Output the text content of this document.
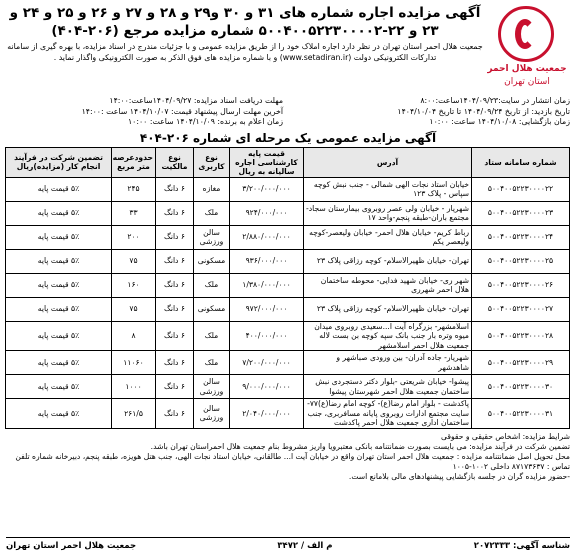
جمعیت هلال احمر
استان تهران

آگهی مزایده اجاره شماره های ۳۱ و ۳۰ و۲۹ و ۲۸ و ۲۷ و ۲۶ و ۲۵ و ۲۴ و

۲۳ و ۲۲-۵۰۰۴۰۰۵۲۲۳۰۰۰۰۲ شماره مزایده مرجع (۲۰۶-۴۰۴)

جمعیت هلال احمر استان تهران در نظر دارد اجاره املاک خود را از طریق مزایده عمومی و با جزئیات مندرج در اسناد مزایده، با بهره گیری از سامانه تدارکات الکترونیکی دولت (www.setadiran.ir) و با شماره مزایده های فوق الذکر به صورت الکترونیکی واگذار نماید .
زمان انتشار در سایت:۱۴۰۴/۰۹/۲۳ساعت:۸:۰۰
تاریخ بازدید: از تاریخ ۱۴۰۴/۰۹/۲۴ تا تاریخ ۱۴۰۴/۱۰/۰۴
زمان بازگشایی: ۱۴۰۴/۱۰/۰۸ ساعت: ۱۰:۰۰
مهلت دریافت اسناد مزایده: ۱۴۰۴/۰۹/۲۷ساعت:۱۴:۰۰
آخرین مهلت ارسال پیشنهاد قیمت: ۱۴۰۴/۱۰/۰۷ ساعت :۱۴:۰۰
زمان اعلام به برنده: ۱۴۰۴/۱۰/۰۹ ساعت: ۱۰:۰۰
آگهی مزایده عمومی یک مرحله ای شماره ۲۰۶-۴۰۴
شماره سامانه ستاد	آدرس	قیمت پایه کارشناسی اجاره سالیانه به ریال	نوع کاربری	نوع مالکیت	حدودعرصه متر مربع	تضمین شرکت در فرآیند انجام کار (مزایده)ریال
۵۰۰۴۰۰۵۲۲۳۰۰۰۰۲۲	خیابان استاد نجات الهی شمالی - جنب نبش کوچه سپاس - پلاک ۱۲۳	۳/۲۰۰/۰۰۰/۰۰۰	مغازه	۶ دانگ	۲۴۵	۵٪ قیمت پایه
۵۰۰۴۰۰۵۲۲۳۰۰۰۰۲۳	شهریار - خیابان ولی عصر روبروی بیمارستان سجاد- مجتمع باران-طبقه پنجم-واحد ۱۷	۹۲۴/۰۰۰/۰۰۰	ملک	۶ دانگ	۳۳	۵٪ قیمت پایه
۵۰۰۴۰۰۵۲۲۳۰۰۰۰۲۴	رباط کریم- خیابان هلال احمر- خیابان ولیعصر-کوچه ولیعصر یکم	۲/۸۸۰/۰۰۰/۰۰۰	سالن ورزشی	۶ دانگ	۲۰۰	۵٪ قیمت پایه
۵۰۰۴۰۰۵۲۲۳۰۰۰۰۲۵	تهران- خیابان ظهیرالاسلام- کوچه رزاقی پلاک ۲۳	۹۳۶/۰۰۰/۰۰۰	مسکونی	۶ دانگ	۷۵	۵٪ قیمت پایه
۵۰۰۴۰۰۵۲۲۳۰۰۰۰۲۶	شهر ری- خیابان شهید فدایی- محوطه ساختمان هلال احمر شهرری	۱/۳۸۰/۰۰۰/۰۰۰	ملک	۶ دانگ	۱۶۰	۵٪ قیمت پایه
۵۰۰۴۰۰۵۲۲۳۰۰۰۰۲۷	تهران- خیابان ظهیرالاسلام- کوچه رزاقی پلاک ۲۳	۹۷۲/۰۰۰/۰۰۰	مسکونی	۶ دانگ	۷۵	۵٪ قیمت پایه
۵۰۰۴۰۰۵۲۲۳۰۰۰۰۲۸	اسلامشهر- بزرگراه آیت ا...سعیدی روبروی میدان میوه وتره بار جنب بانک سپه کوچه بن بست لاله جمعیت هلال احمر اسلامشهر	۴۰۰/۰۰۰/۰۰۰	ملک	۶ دانگ	۸	۵٪ قیمت پایه
۵۰۰۴۰۰۵۲۲۳۰۰۰۰۲۹	شهریار- جاده آدران- بین ورودی صباشهر و شاهدشهر	۷/۲۰۰/۰۰۰/۰۰۰	ملک	۶ دانگ	۱۱۰۶۰	۵٪ قیمت پایه
۵۰۰۴۰۰۵۲۲۳۰۰۰۰۳۰	پیشوا- خیابان شریعتی -بلوار دکتر دستجردی نبش ساختمان جمعیت هلال احمر شهرستان پیشوا	۹/۰۰۰/۰۰۰/۰۰۰	سالن ورزشی	۶ دانگ	۱۰۰۰	۵٪ قیمت پایه
۵۰۰۴۰۰۵۲۲۳۰۰۰۰۳۱	پاکدشت - بلوار امام رضا(ع)- کوچه امام رضا(ع)۷۷- سایت مجتمع ادارات روبروی پایانه مسافربری، جنب ساختمان اداری جمعیت هلال احمر پاکدشت	۲/۰۴۰/۰۰۰/۰۰۰	سالن ورزشی	۶ دانگ	۲۶۱/۵	۵٪ قیمت پایه
شرایط مزایده: اشخاص حقیقی و حقوقی
تضمین شرکت در فرآیند مزایده: می بایست بصورت ضمانتنامه بانکی معتبرویا واریز مشروط بنام جمعیت هلال احمراستان تهران باشد.
محل تحویل اصل ضمانتنامه مزایده : جمعیت هلال احمر استان تهران واقع در خیابان آیت ا... طالقانی، خیابان استاد نجات الهی، جنب هتل هویزه، طبقه پنجم، دبیرخانه شماره تلفن تماس : ۸۷۱۷۳۶۳۷ داخلی ۱۰۰۲-۱۰۰۵
-حضور مزایده گران در جلسه بازگشایی پیشنهادهای مالی بلامانع است.
شناسه آگهی: ۲۰۷۲۳۳۳
م الف / ۳۴۷۲
جمعیت هلال احمر استان تهران
